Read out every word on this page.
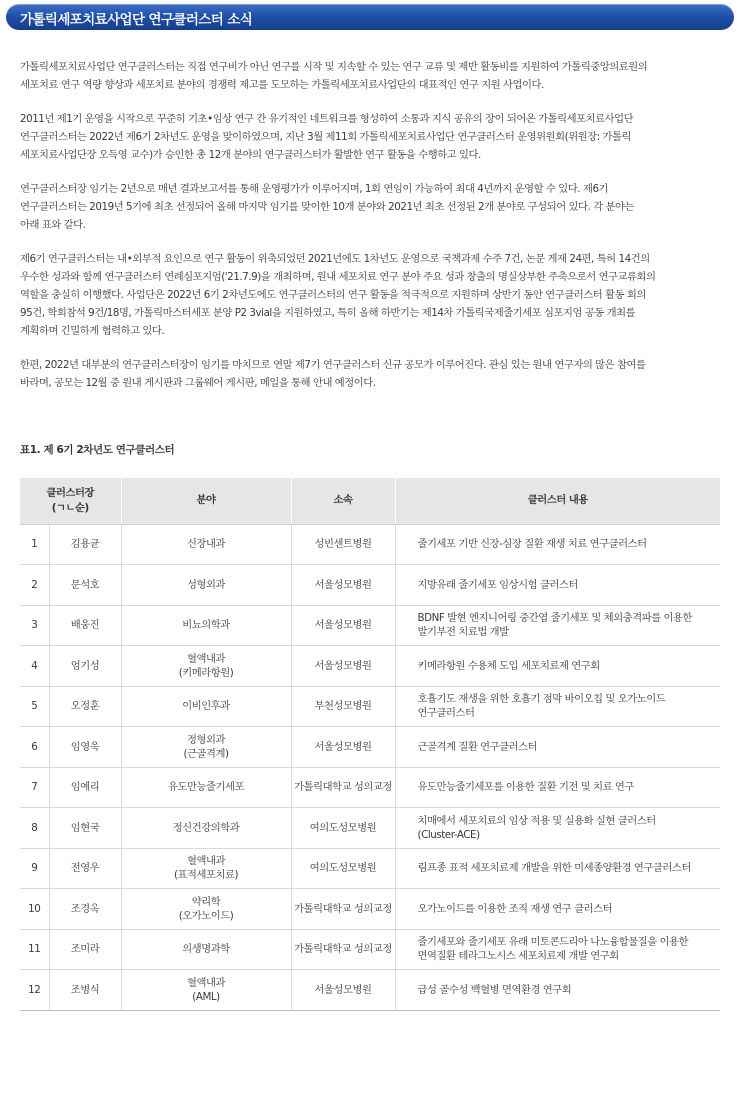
가톨릭세포치료사업단 연구클러스터 소식
가톨릭세포치료사업단 연구클러스터는 직접 연구비가 아닌 연구를 시작 및 지속할 수 있는 연구 교류 및 제반 활동비를 지원하여 가톨릭중앙의료원의
세포치료 연구 역량 향상과 세포치료 분야의 경쟁력 제고를 도모하는 가톨릭세포치료사업단의 대표적인 연구 지원 사업이다.
2011년 제1기 운영을 시작으로 꾸준히 기초•임상 연구 간 유기적인 네트워크를 형성하여 소통과 지식 공유의 장이 되어온 가톨릭세포치료사업단
연구클러스터는 2022년 제6기 2차년도 운영을 맞이하였으며, 지난 3월 제11회 가톨릭세포치료사업단 연구클러스터 운영위원회(위원장: 가톨릭
세포치료사업단장 오득영 교수)가 승인한 총 12개 분야의 연구클러스터가 활발한 연구 활동을 수행하고 있다.
연구클러스터장 임기는 2년으로 매년 결과보고서를 통해 운영평가가 이루어지며, 1회 연임이 가능하여 최대 4년까지 운영할 수 있다. 제6기
연구클러스터는 2019년 5기에 최초 선정되어 올해 마지막 임기를 맞이한 10개 분야와 2021년 최초 선정된 2개 분야로 구성되어 있다. 각 분야는
아래 표와 같다.
제6기 연구클러스터는 내•외부적 요인으로 연구 활동이 위축되었던 2021년에도 1차년도 운영으로 국책과제 수주 7건, 논문 게재 24편, 특허 14건의
우수한 성과와 함께 연구클러스터 연례심포지엄('21.7.9)을 개최하며, 원내 세포치료 연구 분야 주요 성과 창출의 명실상부한 주축으로서 연구교류회의
역할을 충실히 이행했다. 사업단은 2022년 6기 2차년도에도 연구클러스터의 연구 활동을 적극적으로 지원하며 상반기 동안 연구클러스터 활동 회의
95건, 학회참석 9건/18명, 가톨릭마스터세포 분양 P2 3vial을 지원하였고, 특히 올해 하반기는 제14차 가톨릭국제줄기세포 심포지엄 공동 개최를
계획하며 긴밀하게 협력하고 있다.
한편, 2022년 대부분의 연구클러스터장이 임기를 마치므로 연말 제7기 연구클러스터 신규 공모가 이루어진다. 관심 있는 원내 연구자의 많은 참여를
바라며, 공모는 12월 중 원내 게시판과 그룹웨어 게시판, 메일을 통해 안내 예정이다.
표1. 제 6기 2차년도 연구클러스터
클러스터장
(ㄱㄴ순)		분야	소속	클러스터 내용
1	김용균	신장내과	성빈센트병원	줄기세포 기반 신장-심장 질환 재생 치료 연구클러스터

2	문석호	성형외과	서울성모병원	지방유래 줄기세포 임상시험 클러스터

3	배웅진	비뇨의학과	서울성모병원	BDNF 발현 엔지니어링 중간엽 줄기세포 및 체외충격파를 이용한
발기부전 치료법 개발

4	엄기성	혈액내과
(키메라항원)	서울성모병원	키메라항원 수용체 도입 세포치료제 연구회

5	오정훈	이비인후과	부천성모병원	호흡기도 재생을 위한 호흡기 점막 바이오칩 및 오가노이드
연구클러스터

6	임영욱	정형외과
(근골격계)	서울성모병원	근골격계 질환 연구클러스터

7	임예리	유도만능줄기세포	가톨릭대학교 성의교정	유도만능줄기세포를 이용한 질환 기전 및 치료 연구

8	임현국	정신건강의학과	여의도성모병원	치매에서 세포치료의 임상 적용 및 실용화 실현 클러스터
(Cluster-ACE)

9	전영우	혈액내과
(표적세포치료)	여의도성모병원	림프종 표적 세포치료제 개발을 위한 미세종양환경 연구클러스터

10	조경옥	약리학
(오가노이드)	가톨릭대학교 성의교정	오가노이드를 이용한 조직 재생 연구 클러스터

11	조미라	의생명과학	가톨릭대학교 성의교정	줄기세포와 줄기세포 유래 미토콘드리아 나노융합물질을 이용한
면역질환 테라그노시스 세포치료제 개발 연구회

12	조병식	혈액내과
(AML)	서울성모병원	급성 골수성 백혈병 면역환경 연구회
